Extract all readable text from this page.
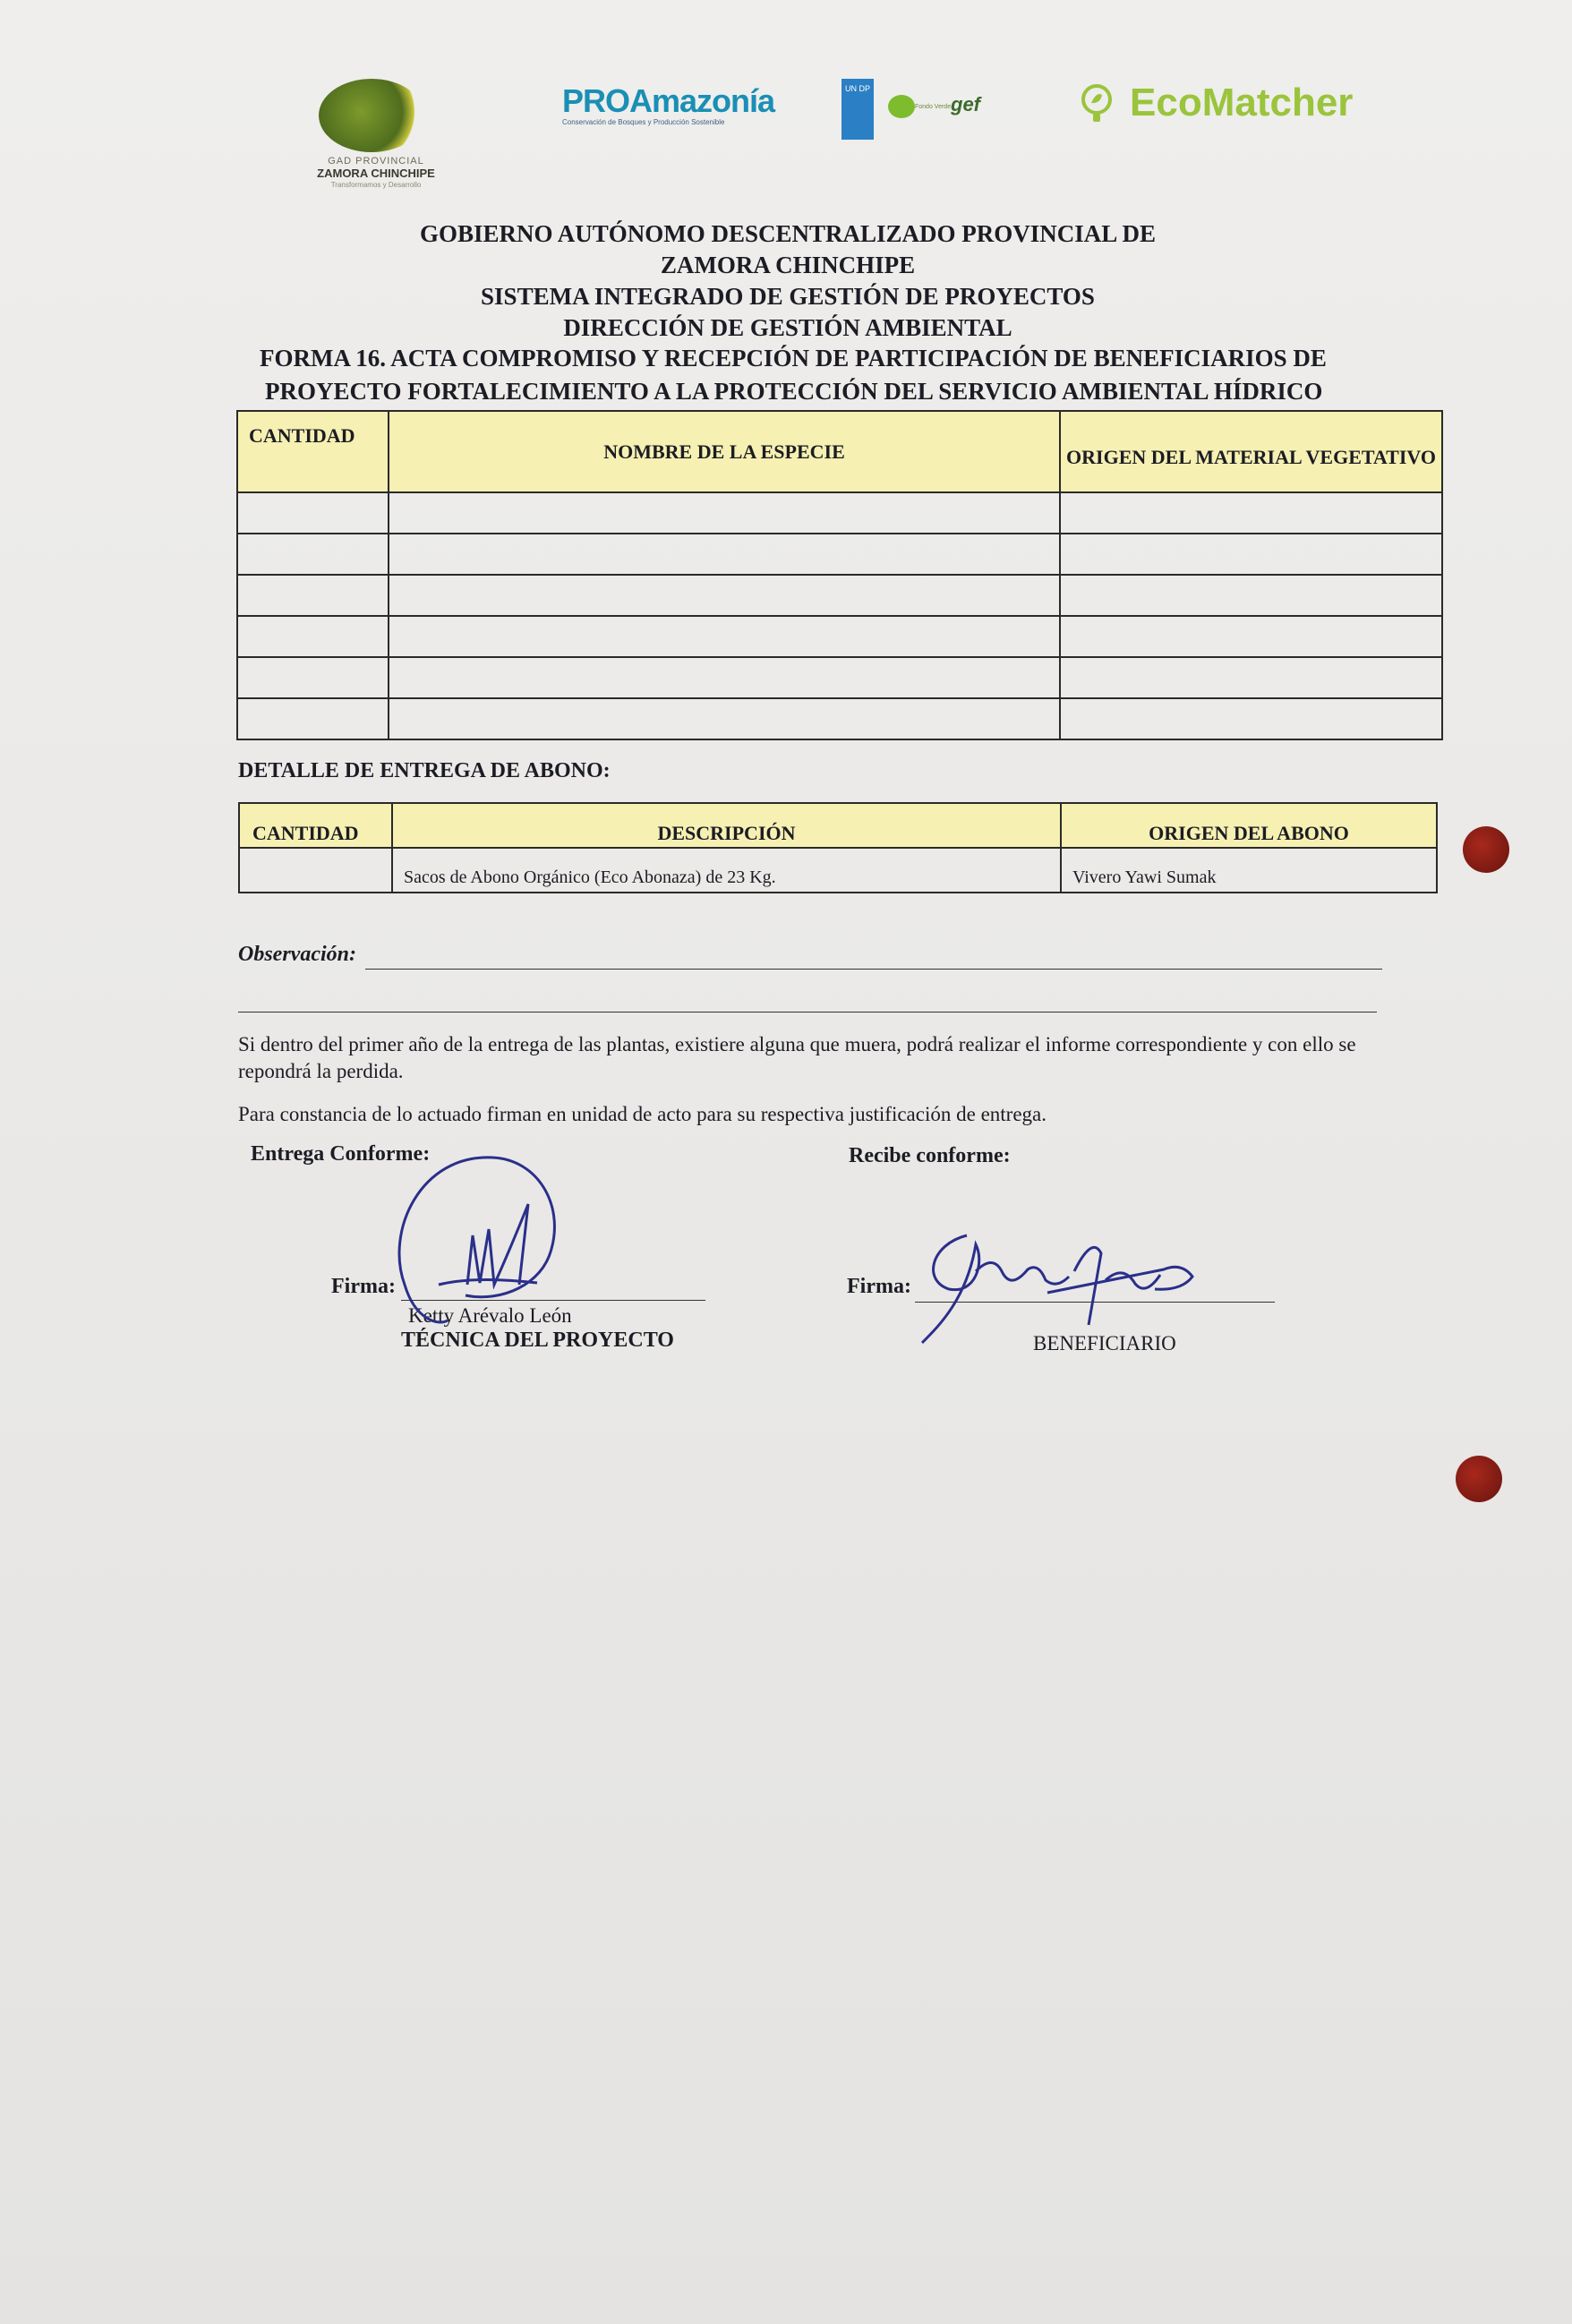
GAD PROVINCIAL
ZAMORA CHINCHIPE
Transformamos y Desarrollo
PROAmazonía
Conservación de Bosques y Producción Sostenible
UN DP
Fondo Verde gef	EcoMatcher
GOBIERNO AUTÓNOMO DESCENTRALIZADO PROVINCIAL DE
ZAMORA CHINCHIPE
SISTEMA INTEGRADO DE GESTIÓN DE PROYECTOS
DIRECCIÓN DE GESTIÓN AMBIENTAL
FORMA 16. ACTA COMPROMISO Y RECEPCIÓN DE PARTICIPACIÓN DE BENEFICIARIOS DE
PROYECTO FORTALECIMIENTO A LA PROTECCIÓN DEL SERVICIO AMBIENTAL HÍDRICO
CANTIDAD	NOMBRE DE LA ESPECIE	ORIGEN DEL MATERIAL VEGETATIVO

DETALLE DE ENTREGA DE ABONO:
CANTIDAD	DESCRIPCIÓN	ORIGEN DEL ABONO
	Sacos de Abono Orgánico (Eco Abonaza) de 23 Kg.	Vivero Yawi Sumak
Observación:
Si dentro del primer año de la entrega de las plantas, existiere alguna que muera, podrá realizar el informe correspondiente y con ello se repondrá la perdida.
Para constancia de lo actuado firman en unidad de acto para su respectiva justificación de entrega.
Entrega Conforme:
Firma:
Ketty Arévalo León
TÉCNICA DEL PROYECTO
Recibe conforme:
Firma:
BENEFICIARIO
